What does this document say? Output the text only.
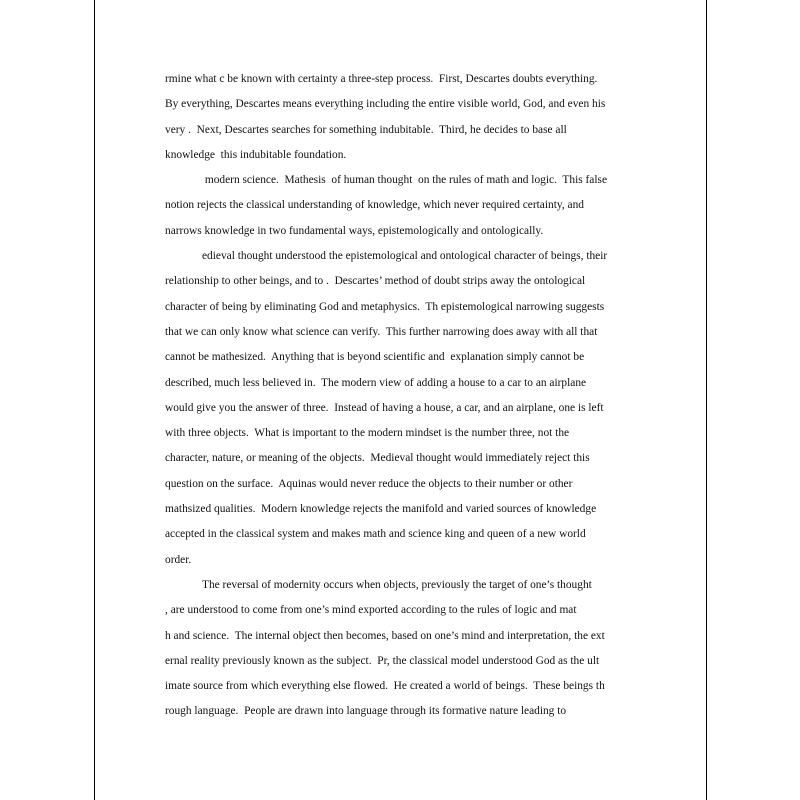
rmine what c be known with certainty a three-step process.  First, Descartes doubts everything.
By everything, Descartes means everything including the entire visible world, God, and even his
very .  Next, Descartes searches for something indubitable.  Third, he decides to base all
knowledge  this indubitable foundation.
modern science.  Mathesis  of human thought  on the rules of math and logic.  This false
notion rejects the classical understanding of knowledge, which never required certainty, and
narrows knowledge in two fundamental ways, epistemologically and ontologically.
edieval thought understood the epistemological and ontological character of beings, their
relationship to other beings, and to .  Descartes’ method of doubt strips away the ontological
character of being by eliminating God and metaphysics.  Th epistemological narrowing suggests
that we can only know what science can verify.  This further narrowing does away with all that
cannot be mathesized.  Anything that is beyond scientific and  explanation simply cannot be
described, much less believed in.  The modern view of adding a house to a car to an airplane
would give you the answer of three.  Instead of having a house, a car, and an airplane, one is left
with three objects.  What is important to the modern mindset is the number three, not the
character, nature, or meaning of the objects.  Medieval thought would immediately reject this
question on the surface.  Aquinas would never reduce the objects to their number or other
mathsized qualities.  Modern knowledge rejects the manifold and varied sources of knowledge
accepted in the classical system and makes math and science king and queen of a new world
order.
The reversal of modernity occurs when objects, previously the target of one’s thought
, are understood to come from one’s mind exported according to the rules of logic and mat
h and science.  The internal object then becomes, based on one’s mind and interpretation, the ext
ernal reality previously known as the subject.  Pr, the classical model understood God as the ult
imate source from which everything else flowed.  He created a world of beings.  These beings th
rough language.  People are drawn into language through its formative nature leading to
